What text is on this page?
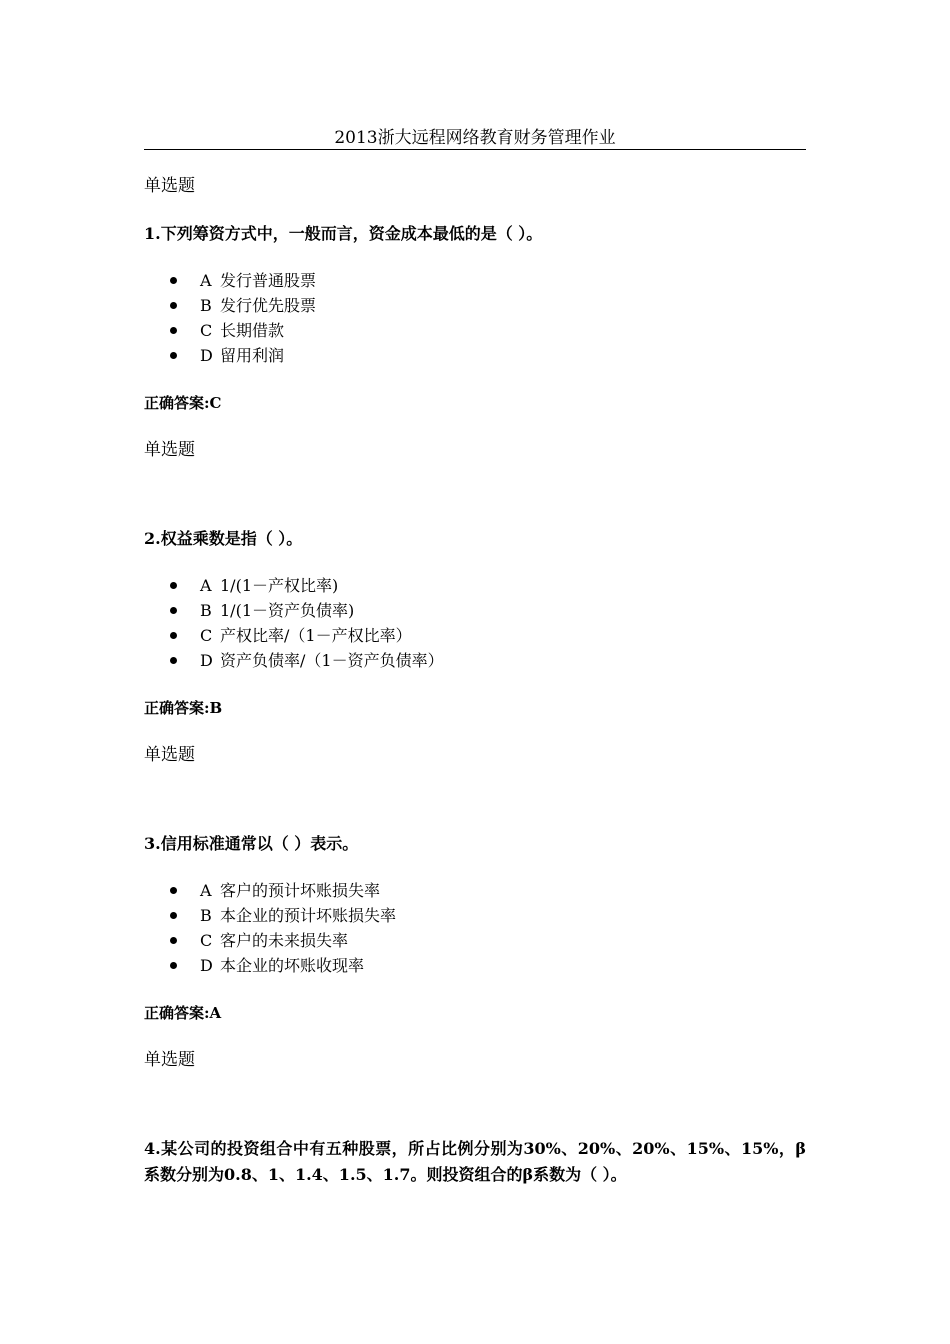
2013浙大远程网络教育财务管理作业
单选题
1.下列筹资方式中，一般而言，资金成本最低的是（ ）。
A 发行普通股票
B 发行优先股票
C 长期借款
D 留用利润
正确答案:C
单选题
2.权益乘数是指（ ）。
A 1/(1－产权比率)
B 1/(1－资产负债率)
C 产权比率/（1－产权比率）
D 资产负债率/（1－资产负债率）
正确答案:B
单选题
3.信用标准通常以（ ）表示。
A 客户的预计坏账损失率
B 本企业的预计坏账损失率
C 客户的未来损失率
D 本企业的坏账收现率
正确答案:A
单选题
4.某公司的投资组合中有五种股票，所占比例分别为30%、20%、20%、15%、15%，β系数分别为0.8、1、1.4、1.5、1.7。则投资组合的β系数为（ ）。
